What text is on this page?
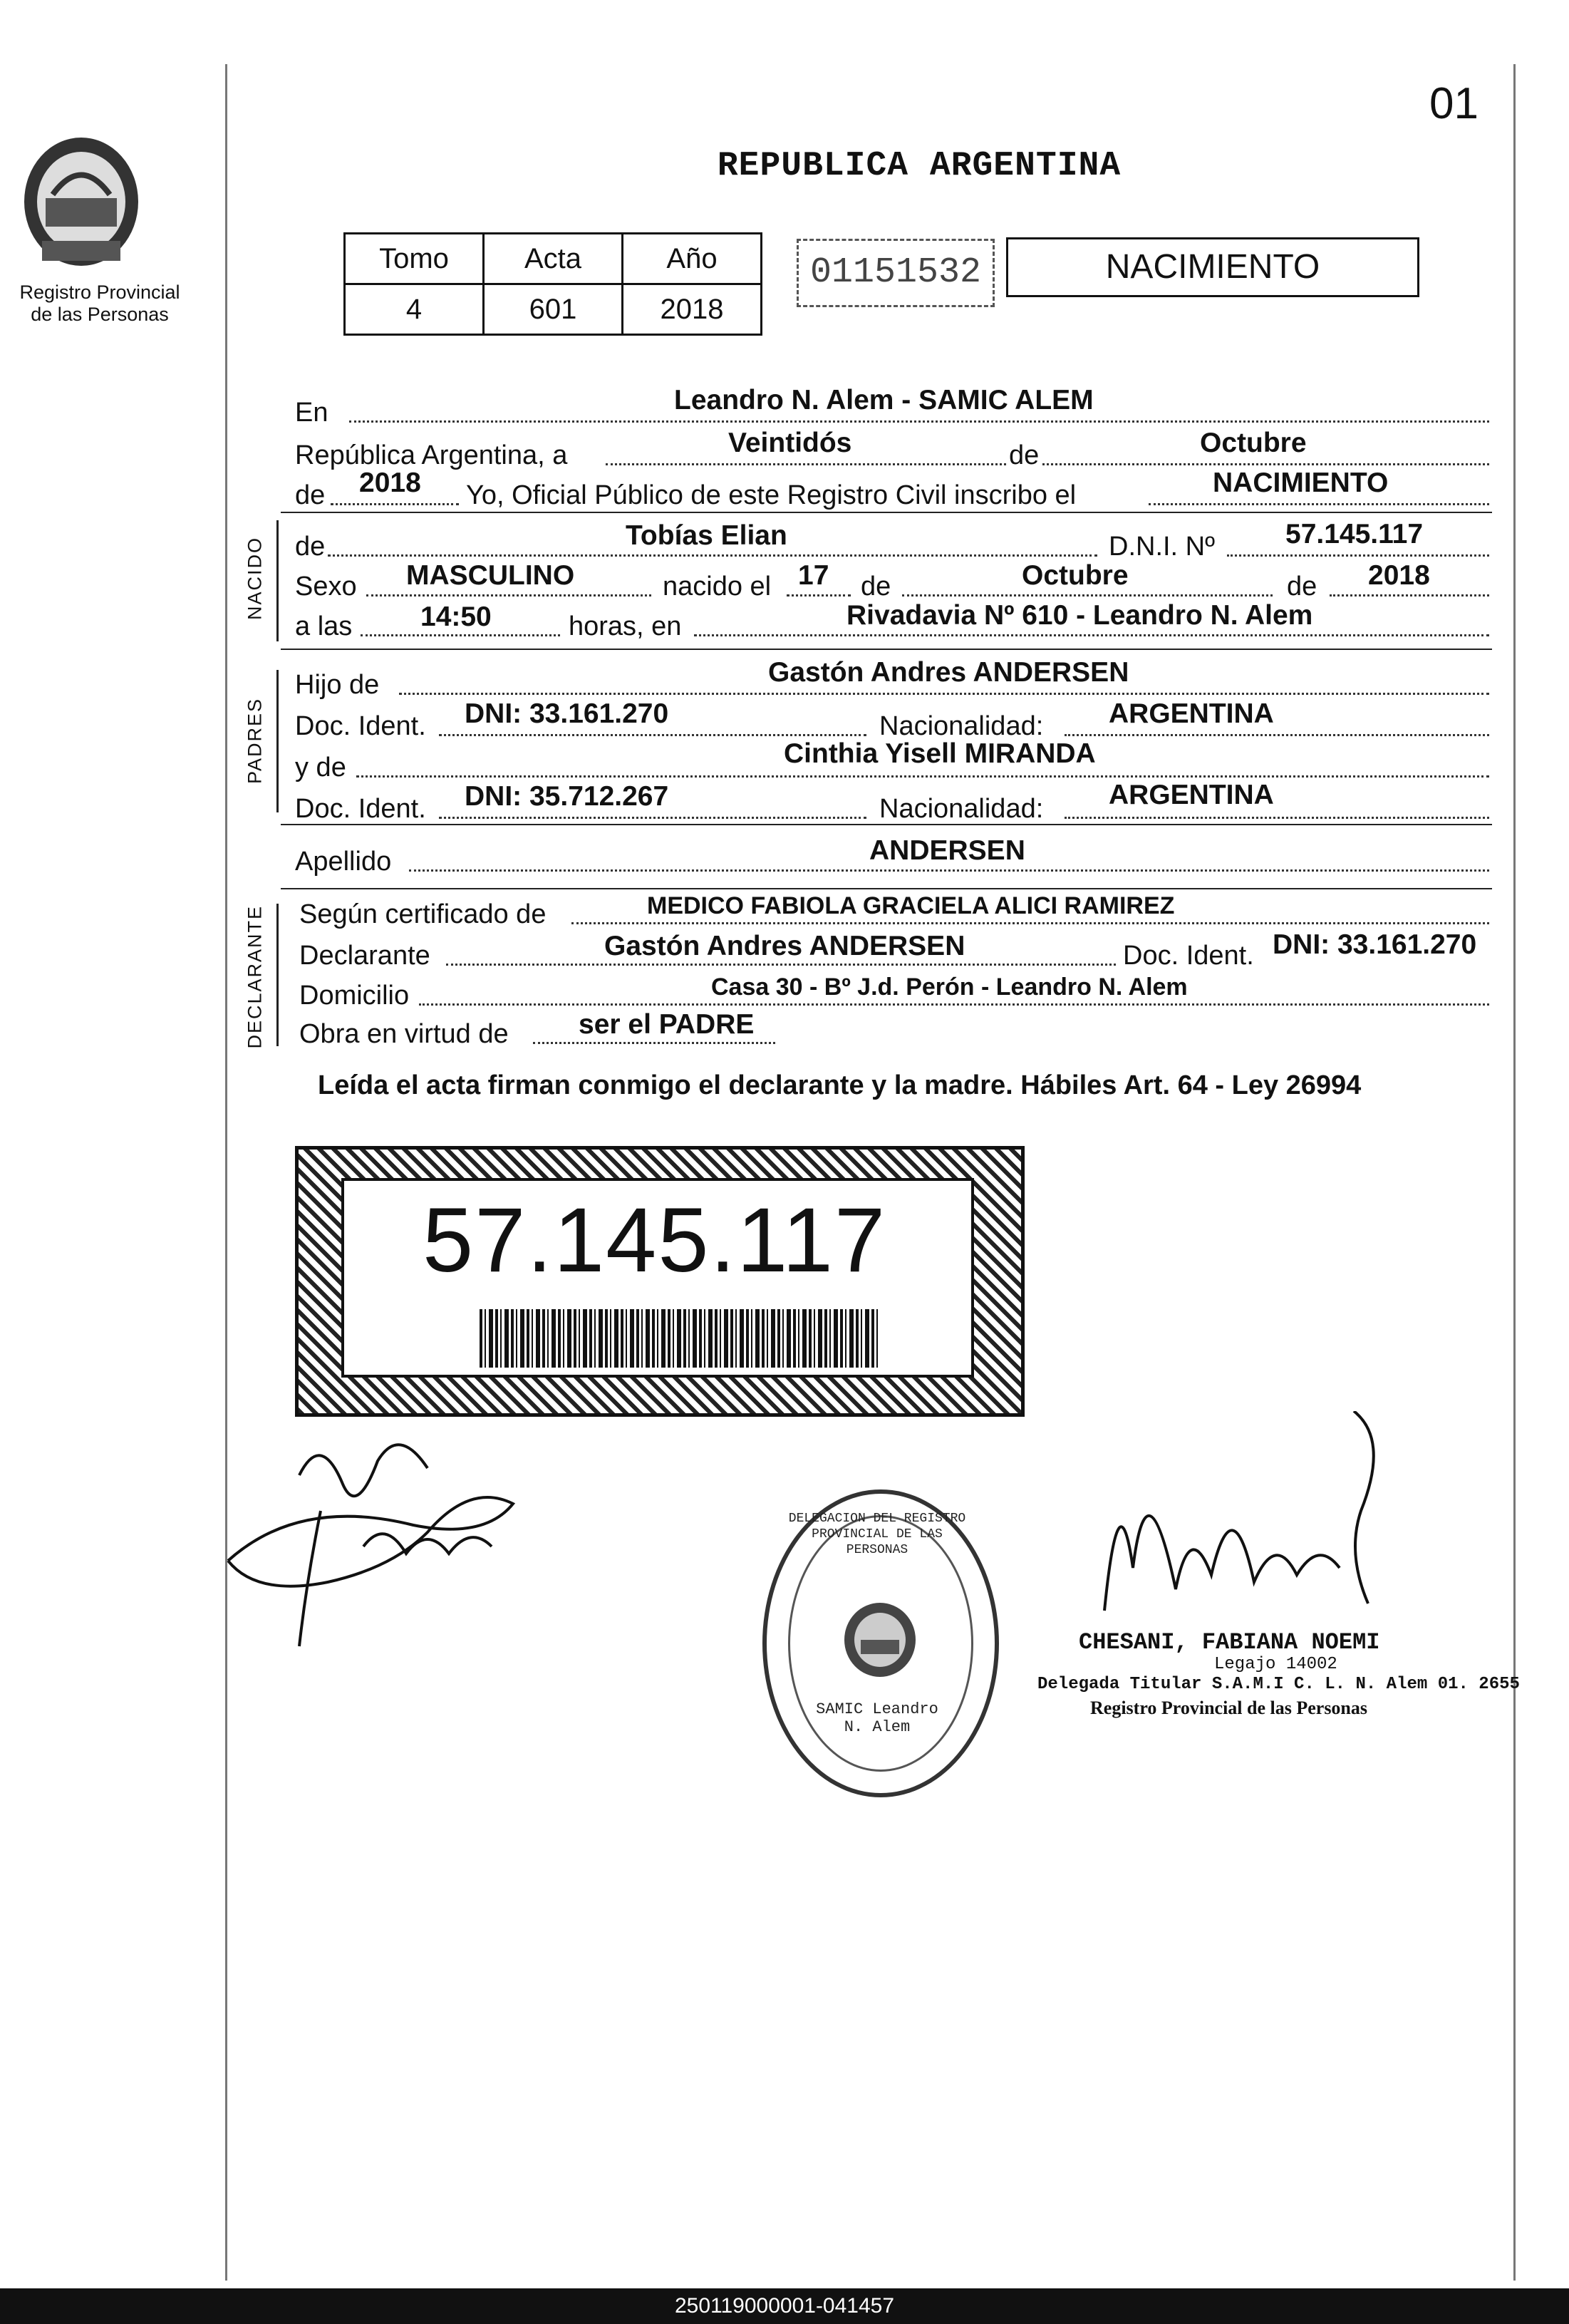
Registro Provincial
de las Personas
01
REPUBLICA ARGENTINA
Tomo	Acta	Año
4	601	2018
01151532	NACIMIENTO
En	Leandro N. Alem - SAMIC ALEM
República Argentina, a	Veintidós	de	Octubre
de 2018 Yo, Oficial Público de este Registro Civil inscribo el	NACIMIENTO
NACIDO de	Tobías Elian	D.N.I. Nº	57.145.117
Sexo MASCULINO	nacido el 17 de	Octubre	de 2018
a las 14:50	horas, en	Rivadavia Nº 610 - Leandro N. Alem
PADRES
Hijo de	Gastón Andres ANDERSEN
Doc. Ident. DNI: 33.161.270	Nacionalidad: ARGENTINA
y de	Cinthia Yisell MIRANDA
Doc. Ident. DNI: 35.712.267	Nacionalidad: ARGENTINA
Apellido	ANDERSEN
DECLARANTE Según certificado de	MEDICO FABIOLA GRACIELA ALICI RAMIREZ
Declarante	Gastón Andres ANDERSEN	Doc. Ident. DNI: 33.161.270
Domicilio	Casa 30 - Bº J.d. Perón - Leandro N. Alem
Obra en virtud de	ser el PADRE
Leída el acta firman conmigo el declarante y la madre. Hábiles Art. 64 - Ley 26994
57.145.117
DELEGACION DEL REGISTRO PROVINCIAL DE LAS PERSONAS
SAMIC Leandro N. Alem
CHESANI, FABIANA NOEMI
Legajo 14002
Delegada Titular S.A.M.I C. L. N. Alem 01. 2655
Registro Provincial de las Personas
250119000001-041457
